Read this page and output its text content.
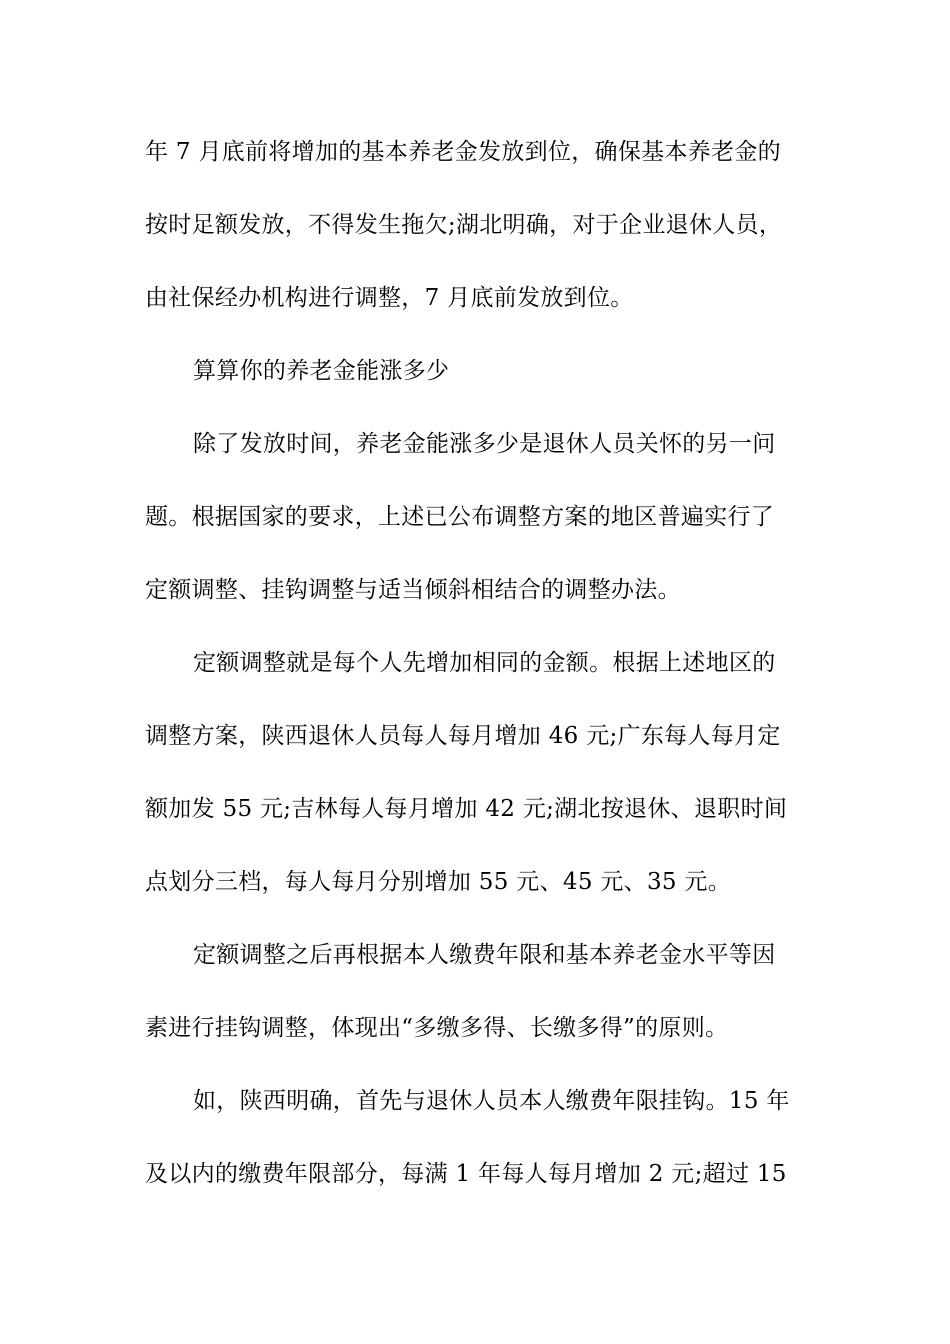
年 7 月底前将增加的基本养老金发放到位，确保基本养老金的
按时足额发放，不得发生拖欠;湖北明确，对于企业退休人员，
由社保经办机构进行调整，7 月底前发放到位。
算算你的养老金能涨多少
除了发放时间，养老金能涨多少是退休人员关怀的另一问
题。根据国家的要求，上述已公布调整方案的地区普遍实行了
定额调整、挂钩调整与适当倾斜相结合的调整办法。
定额调整就是每个人先增加相同的金额。根据上述地区的
调整方案，陕西退休人员每人每月增加 46 元;广东每人每月定
额加发 55 元;吉林每人每月增加 42 元;湖北按退休、退职时间
点划分三档，每人每月分别增加 55 元、45 元、35 元。
定额调整之后再根据本人缴费年限和基本养老金水平等因
素进行挂钩调整，体现出“多缴多得、长缴多得”的原则。
如，陕西明确，首先与退休人员本人缴费年限挂钩。15 年
及以内的缴费年限部分，每满 1 年每人每月增加 2 元;超过 15
